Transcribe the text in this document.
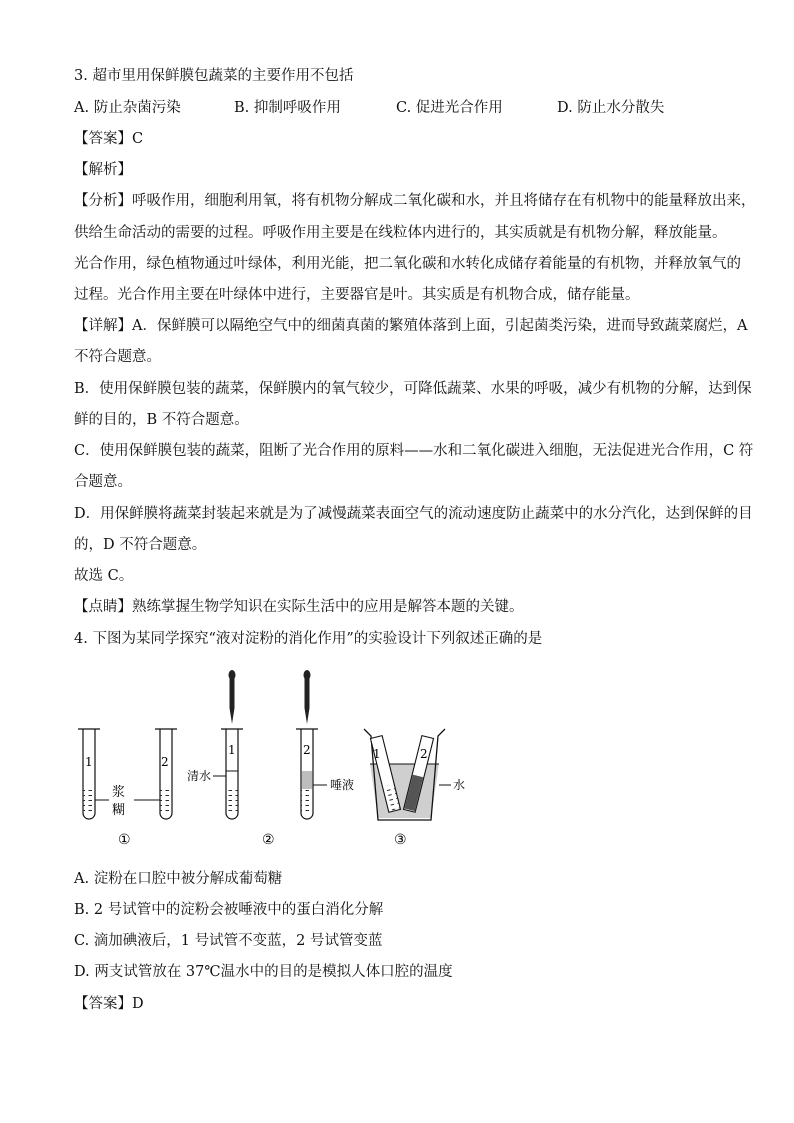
3. 超市里用保鲜膜包蔬菜的主要作用不包括
A. 防止杂菌污染	B. 抑制呼吸作用	C. 促进光合作用	D. 防止水分散失
【答案】C
【解析】
【分析】呼吸作用，细胞利用氧，将有机物分解成二氧化碳和水，并且将储存在有机物中的能量释放出来，
供给生命活动的需要的过程。呼吸作用主要是在线粒体内进行的，其实质就是有机物分解，释放能量。
光合作用，绿色植物通过叶绿体，利用光能，把二氧化碳和水转化成储存着能量的有机物，并释放氧气的
过程。光合作用主要在叶绿体中进行，主要器官是叶。其实质是有机物合成，储存能量。
【详解】A．保鲜膜可以隔绝空气中的细菌真菌的繁殖体落到上面，引起菌类污染，进而导致蔬菜腐烂，A
不符合题意。
B．使用保鲜膜包装的蔬菜，保鲜膜内的氧气较少，可降低蔬菜、水果的呼吸，减少有机物的分解，达到保
鲜的目的，B 不符合题意。
C．使用保鲜膜包装的蔬菜，阻断了光合作用的原料——水和二氧化碳进入细胞，无法促进光合作用，C 符
合题意。
D．用保鲜膜将蔬菜封装起来就是为了减慢蔬菜表面空气的流动速度防止蔬菜中的水分汽化，达到保鲜的目
的，D 不符合题意。
故选 C。
【点睛】熟练掌握生物学知识在实际生活中的应用是解答本题的关键。
4. 下图为某同学探究“液对淀粉的消化作用”的实验设计下列叙述正确的是
1	2
浆
糊
①
1
清水
2
唾液
②
1	2
水
③
A. 淀粉在口腔中被分解成葡萄糖
B. 2 号试管中的淀粉会被唾液中的蛋白消化分解
C. 滴加碘液后，1 号试管不变蓝，2 号试管变蓝
D. 两支试管放在 37℃温水中的目的是模拟人体口腔的温度
【答案】D
